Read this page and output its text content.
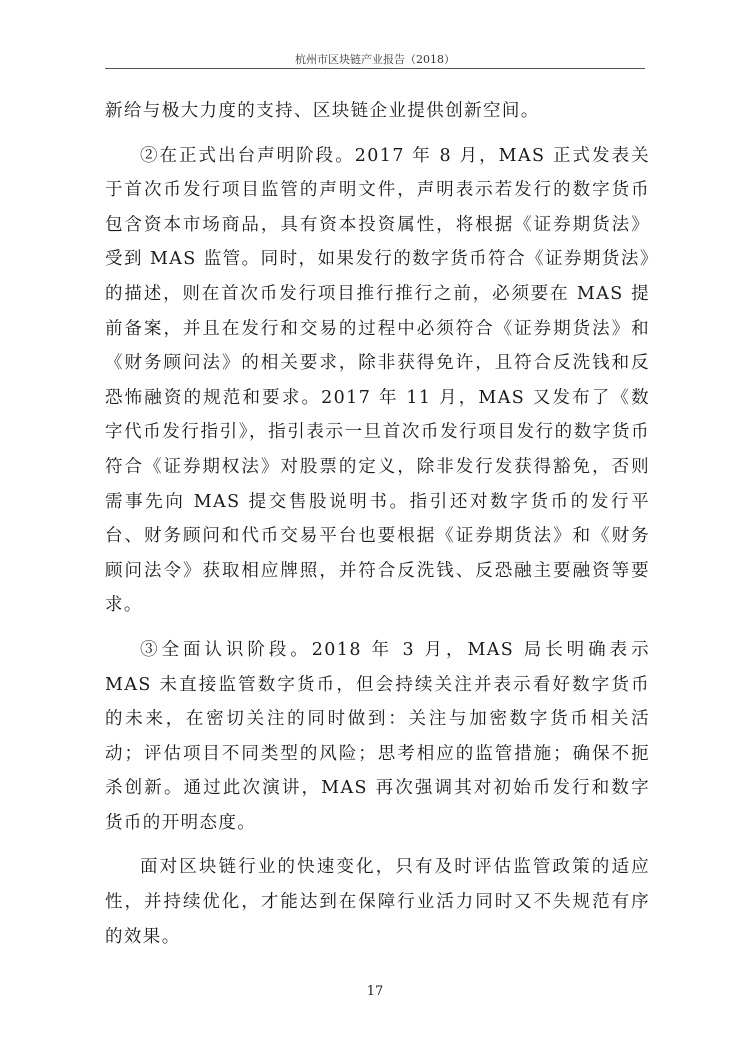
杭州市区块链产业报告（2018）

新给与极大力度的支持、区块链企业提供创新空间。

②在正式出台声明阶段。2017 年 8 月，MAS 正式发表关于首次币发行项目监管的声明文件，声明表示若发行的数字货币包含资本市场商品，具有资本投资属性，将根据《证券期货法》受到 MAS 监管。同时，如果发行的数字货币符合《证券期货法》的描述，则在首次币发行项目推行推行之前，必须要在 MAS 提前备案，并且在发行和交易的过程中必须符合《证券期货法》和《财务顾问法》的相关要求，除非获得免许，且符合反洗钱和反恐怖融资的规范和要求。2017 年 11 月，MAS 又发布了《数字代币发行指引》，指引表示一旦首次币发行项目发行的数字货币符合《证券期权法》对股票的定义，除非发行发获得豁免，否则需事先向 MAS 提交售股说明书。指引还对数字货币的发行平台、财务顾问和代币交易平台也要根据《证券期货法》和《财务顾问法令》获取相应牌照，并符合反洗钱、反恐融主要融资等要求。

③全面认识阶段。2018 年 3 月，MAS 局长明确表示 MAS 未直接监管数字货币，但会持续关注并表示看好数字货币的未来，在密切关注的同时做到：关注与加密数字货币相关活动；评估项目不同类型的风险；思考相应的监管措施；确保不扼杀创新。通过此次演讲，MAS 再次强调其对初始币发行和数字货币的开明态度。

面对区块链行业的快速变化，只有及时评估监管政策的适应性，并持续优化，才能达到在保障行业活力同时又不失规范有序的效果。

17
